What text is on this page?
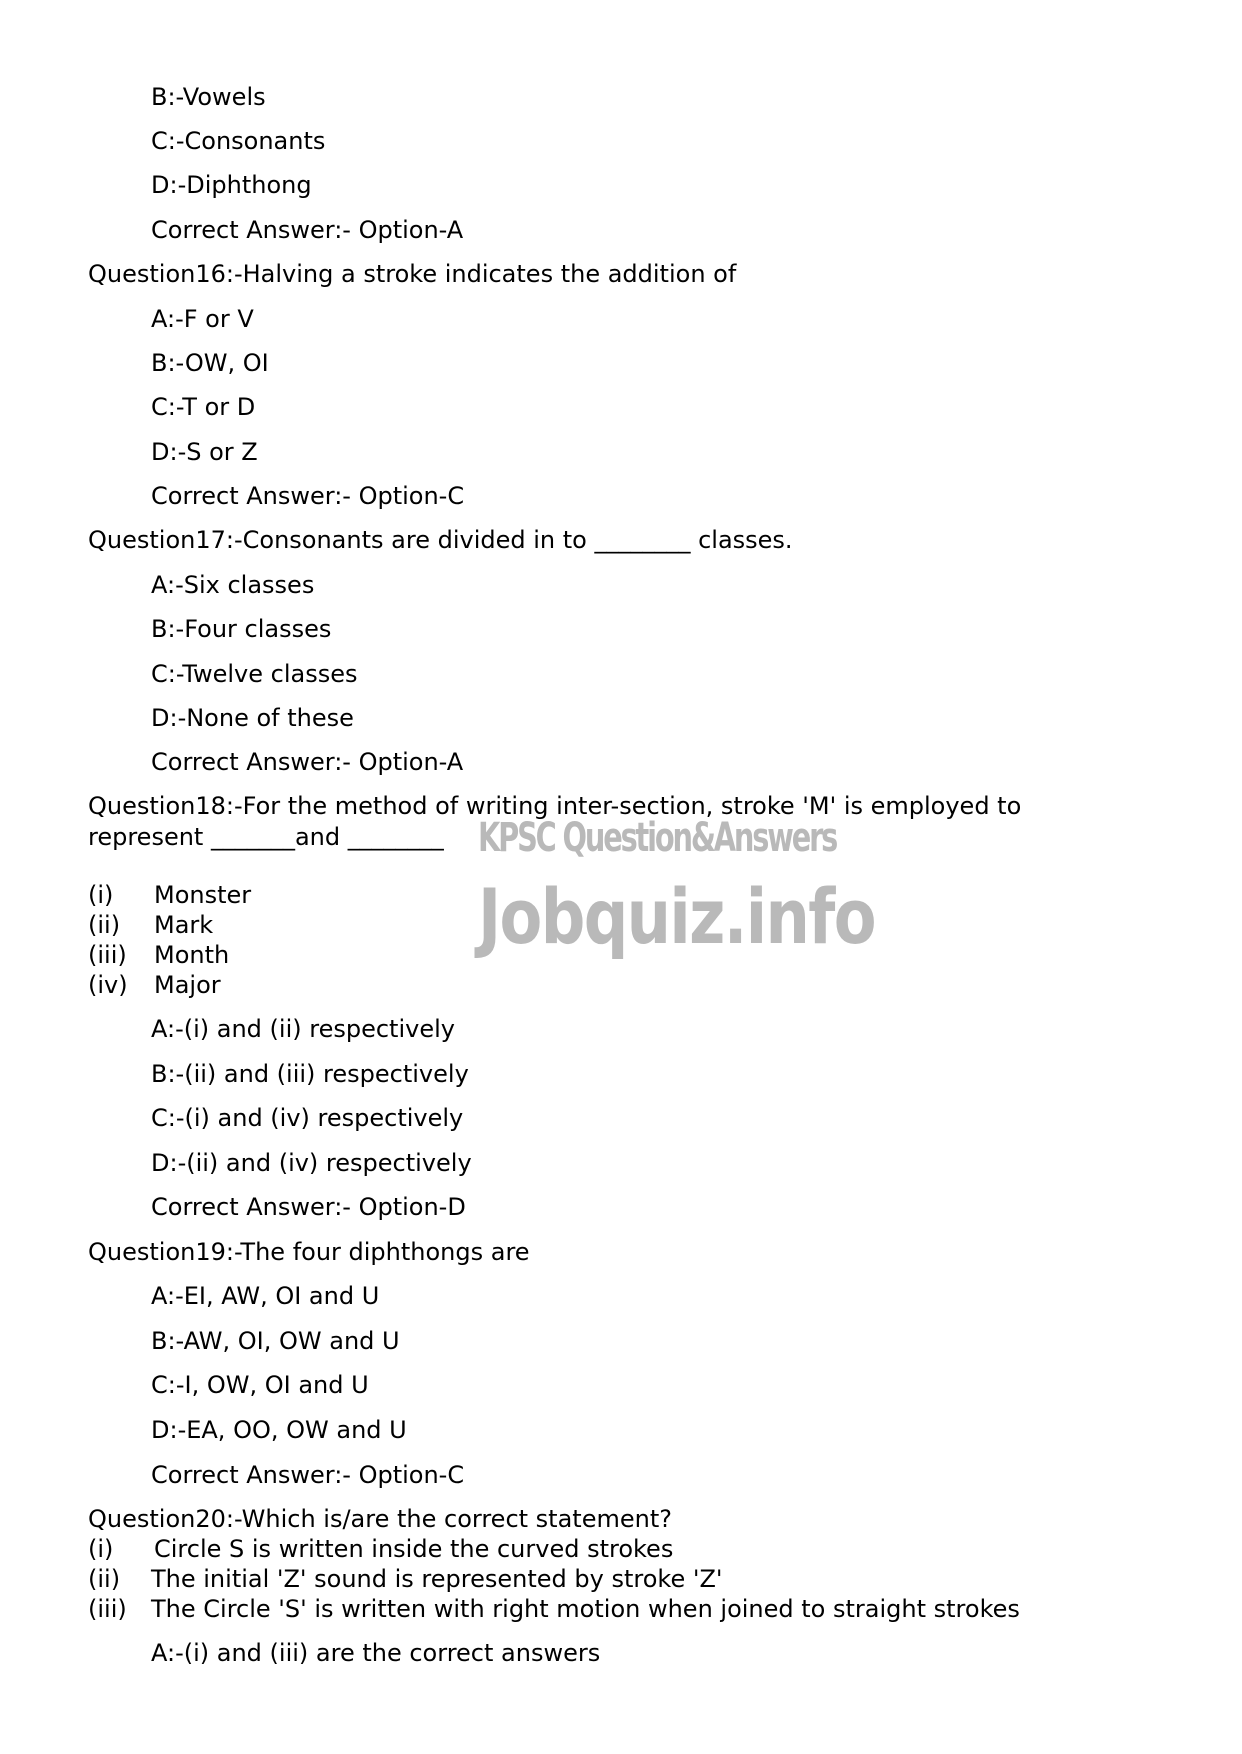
KPSC Question&Answers
Jobquiz.info
B:-Vowels
C:-Consonants
D:-Diphthong
Correct Answer:- Option-A
Question16:-Halving a stroke indicates the addition of
A:-F or V
B:-OW, OI
C:-T or D
D:-S or Z
Correct Answer:- Option-C
Question17:-Consonants are divided in to ________ classes.
A:-Six classes
B:-Four classes
C:-Twelve classes
D:-None of these
Correct Answer:- Option-A
Question18:-For the method of writing inter-section, stroke 'M' is employed to
represent _______and ________
(i) Monster
(ii) Mark
(iii) Month
(iv) Major
A:-(i) and (ii) respectively
B:-(ii) and (iii) respectively
C:-(i) and (iv) respectively
D:-(ii) and (iv) respectively
Correct Answer:- Option-D
Question19:-The four diphthongs are
A:-EI, AW, OI and U
B:-AW, OI, OW and U
C:-I, OW, OI and U
D:-EA, OO, OW and U
Correct Answer:- Option-C
Question20:-Which is/are the correct statement?
(i) Circle S is written inside the curved strokes
(ii) The initial 'Z' sound is represented by stroke 'Z'
(iii) The Circle 'S' is written with right motion when joined to straight strokes
A:-(i) and (iii) are the correct answers
